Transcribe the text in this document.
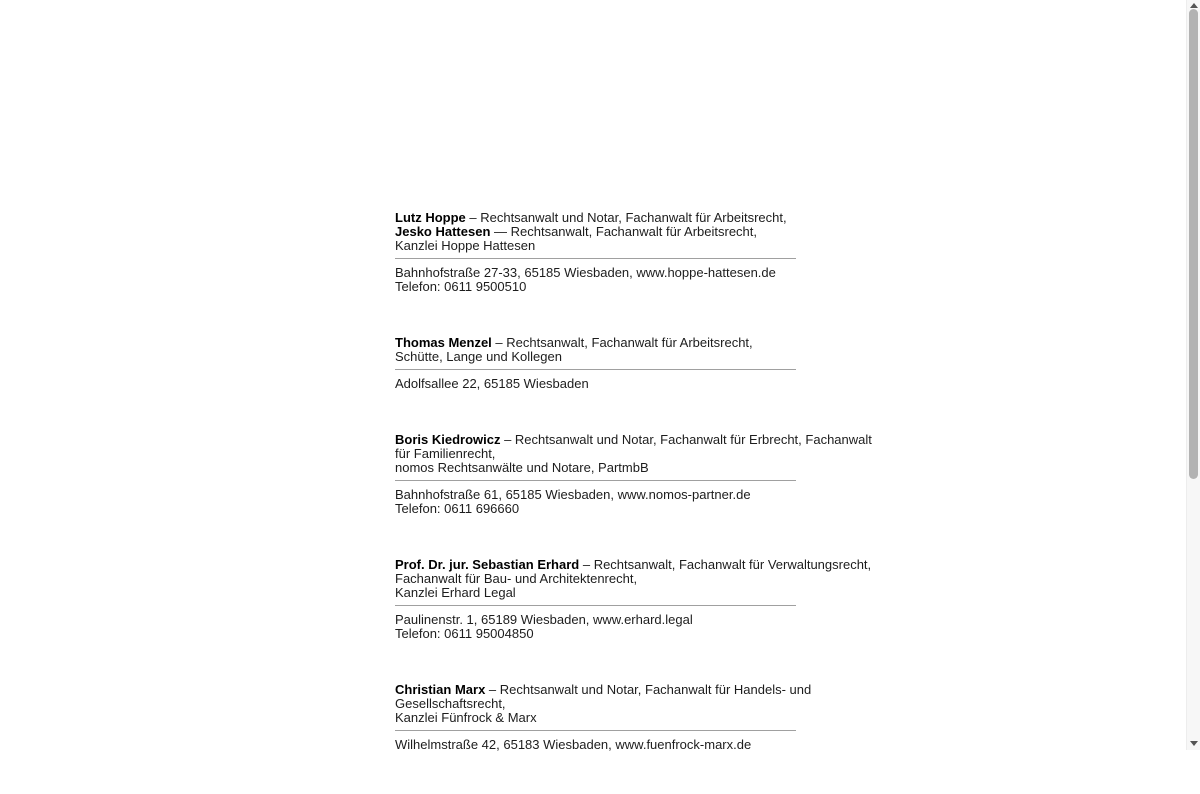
Lutz Hoppe – Rechtsanwalt und Notar, Fachanwalt für Arbeitsrecht,
Jesko Hattesen — Rechtsanwalt, Fachanwalt für Arbeitsrecht,
Kanzlei Hoppe Hattesen
Bahnhofstraße 27-33, 65185 Wiesbaden, www.hoppe-hattesen.de
Telefon: 0611 9500510
Thomas Menzel – Rechtsanwalt, Fachanwalt für Arbeitsrecht,
Schütte, Lange und Kollegen
Adolfsallee 22, 65185 Wiesbaden
Boris Kiedrowicz – Rechtsanwalt und Notar, Fachanwalt für Erbrecht, Fachanwalt
für Familienrecht,
nomos Rechtsanwälte und Notare, PartmbB
Bahnhofstraße 61, 65185 Wiesbaden, www.nomos-partner.de
Telefon: 0611 696660
Prof. Dr. jur. Sebastian Erhard – Rechtsanwalt, Fachanwalt für Verwaltungsrecht,
Fachanwalt für Bau- und Architektenrecht,
Kanzlei Erhard Legal
Paulinenstr. 1, 65189 Wiesbaden, www.erhard.legal
Telefon: 0611 95004850
Christian Marx – Rechtsanwalt und Notar, Fachanwalt für Handels- und
Gesellschaftsrecht,
Kanzlei Fünfrock & Marx
Wilhelmstraße 42, 65183 Wiesbaden, www.fuenfrock-marx.de
